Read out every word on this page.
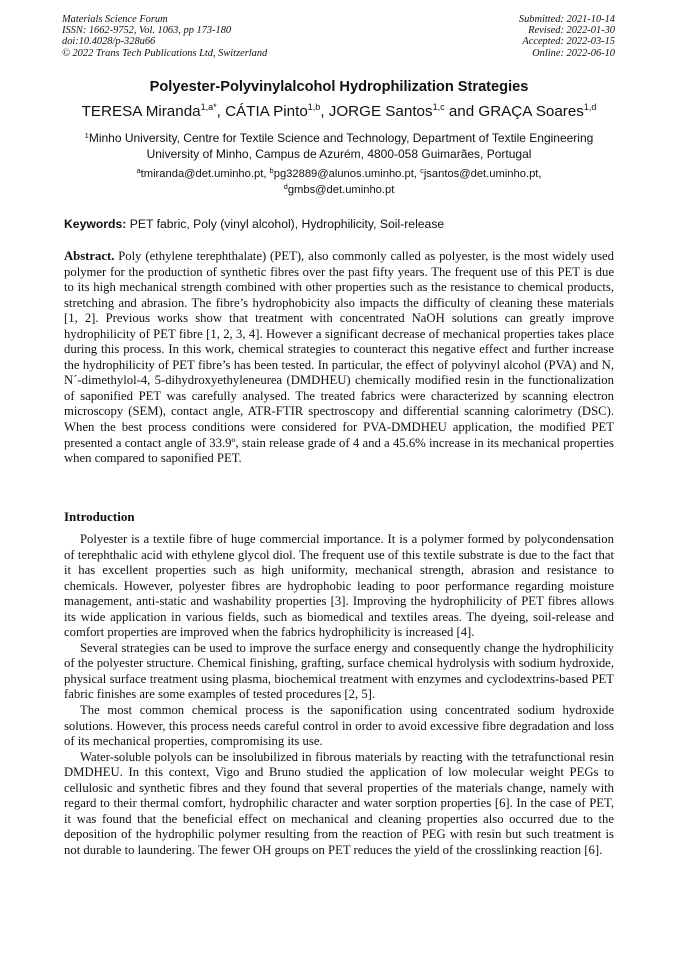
Materials Science Forum
ISSN: 1662-9752, Vol. 1063, pp 173-180
doi:10.4028/p-328u66
© 2022 Trans Tech Publications Ltd, Switzerland
Submitted: 2021-10-14
Revised: 2022-01-30
Accepted: 2022-03-15
Online: 2022-06-10
Polyester-Polyvinylalcohol Hydrophilization Strategies
TERESA Miranda$^{1,a*}$, CÁTIA Pinto$^{1,b}$, JORGE Santos$^{1,c}$ and GRAÇA Soares$^{1,d}$
$^1$Minho University, Centre for Textile Science and Technology, Department of Textile Engineering
University of Minho, Campus de Azurém, 4800-058 Guimarães, Portugal
$^a$tmiranda@det.uminho.pt, $^b$pg32889@alunos.uminho.pt, $^c$jsantos@det.uminho.pt,
$^d$gmbs@det.uminho.pt
Keywords: PET fabric, Poly (vinyl alcohol), Hydrophilicity, Soil-release

Abstract. Poly (ethylene terephthalate) (PET), also commonly called as polyester, is the most widely used polymer for the production of synthetic fibres over the past fifty years. The frequent use of this PET is due to its high mechanical strength combined with other properties such as the resistance to chemical products, stretching and abrasion. The fibre’s hydrophobicity also impacts the difficulty of cleaning these materials [1, 2]. Previous works show that treatment with concentrated NaOH solutions can greatly improve hydrophilicity of PET fibre [1, 2, 3, 4]. However a significant decrease of mechanical properties takes place during this process. In this work, chemical strategies to counteract this negative effect and further increase the hydrophilicity of PET fibre’s has been tested. In particular, the effect of polyvinyl alcohol (PVA) and N, N´-dimethylol-4, 5-dihydroxyethyleneurea (DMDHEU) chemically modified resin in the functionalization of saponified PET was carefully analysed. The treated fabrics were characterized by scanning electron microscopy (SEM), contact angle, ATR-FTIR spectroscopy and differential scanning calorimetry (DSC). When the best process conditions were considered for PVA-DMDHEU application, the modified PET presented a contact angle of 33.9º, stain release grade of 4 and a 45.6% increase in its mechanical properties when compared to saponified PET.

Introduction

Polyester is a textile fibre of huge commercial importance. It is a polymer formed by polycondensation of terephthalic acid with ethylene glycol diol. The frequent use of this textile substrate is due to the fact that it has excellent properties such as high uniformity, mechanical strength, abrasion and resistance to chemicals. However, polyester fibres are hydrophobic leading to poor performance regarding moisture management, anti-static and washability properties [3]. Improving the hydrophilicity of PET fibres allows its wide application in various fields, such as biomedical and textiles areas. The dyeing, soil-release and comfort properties are improved when the fabrics hydrophilicity is increased [4].

Several strategies can be used to improve the surface energy and consequently change the hydrophilicity of the polyester structure. Chemical finishing, grafting, surface chemical hydrolysis with sodium hydroxide, physical surface treatment using plasma, biochemical treatment with enzymes and cyclodextrins-based PET fabric finishes are some examples of tested procedures [2, 5].

The most common chemical process is the saponification using concentrated sodium hydroxide solutions. However, this process needs careful control in order to avoid excessive fibre degradation and loss of its mechanical properties, compromising its use.

Water-soluble polyols can be insolubilized in fibrous materials by reacting with the tetrafunctional resin DMDHEU. In this context, Vigo and Bruno studied the application of low molecular weight PEGs to cellulosic and synthetic fibres and they found that several properties of the materials change, namely with regard to their thermal comfort, hydrophilic character and water sorption properties [6]. In the case of PET, it was found that the beneficial effect on mechanical and cleaning properties also occurred due to the deposition of the hydrophilic polymer resulting from the reaction of PEG with resin but such treatment is not durable to laundering. The fewer OH groups on PET reduces the yield of the crosslinking reaction [6].
